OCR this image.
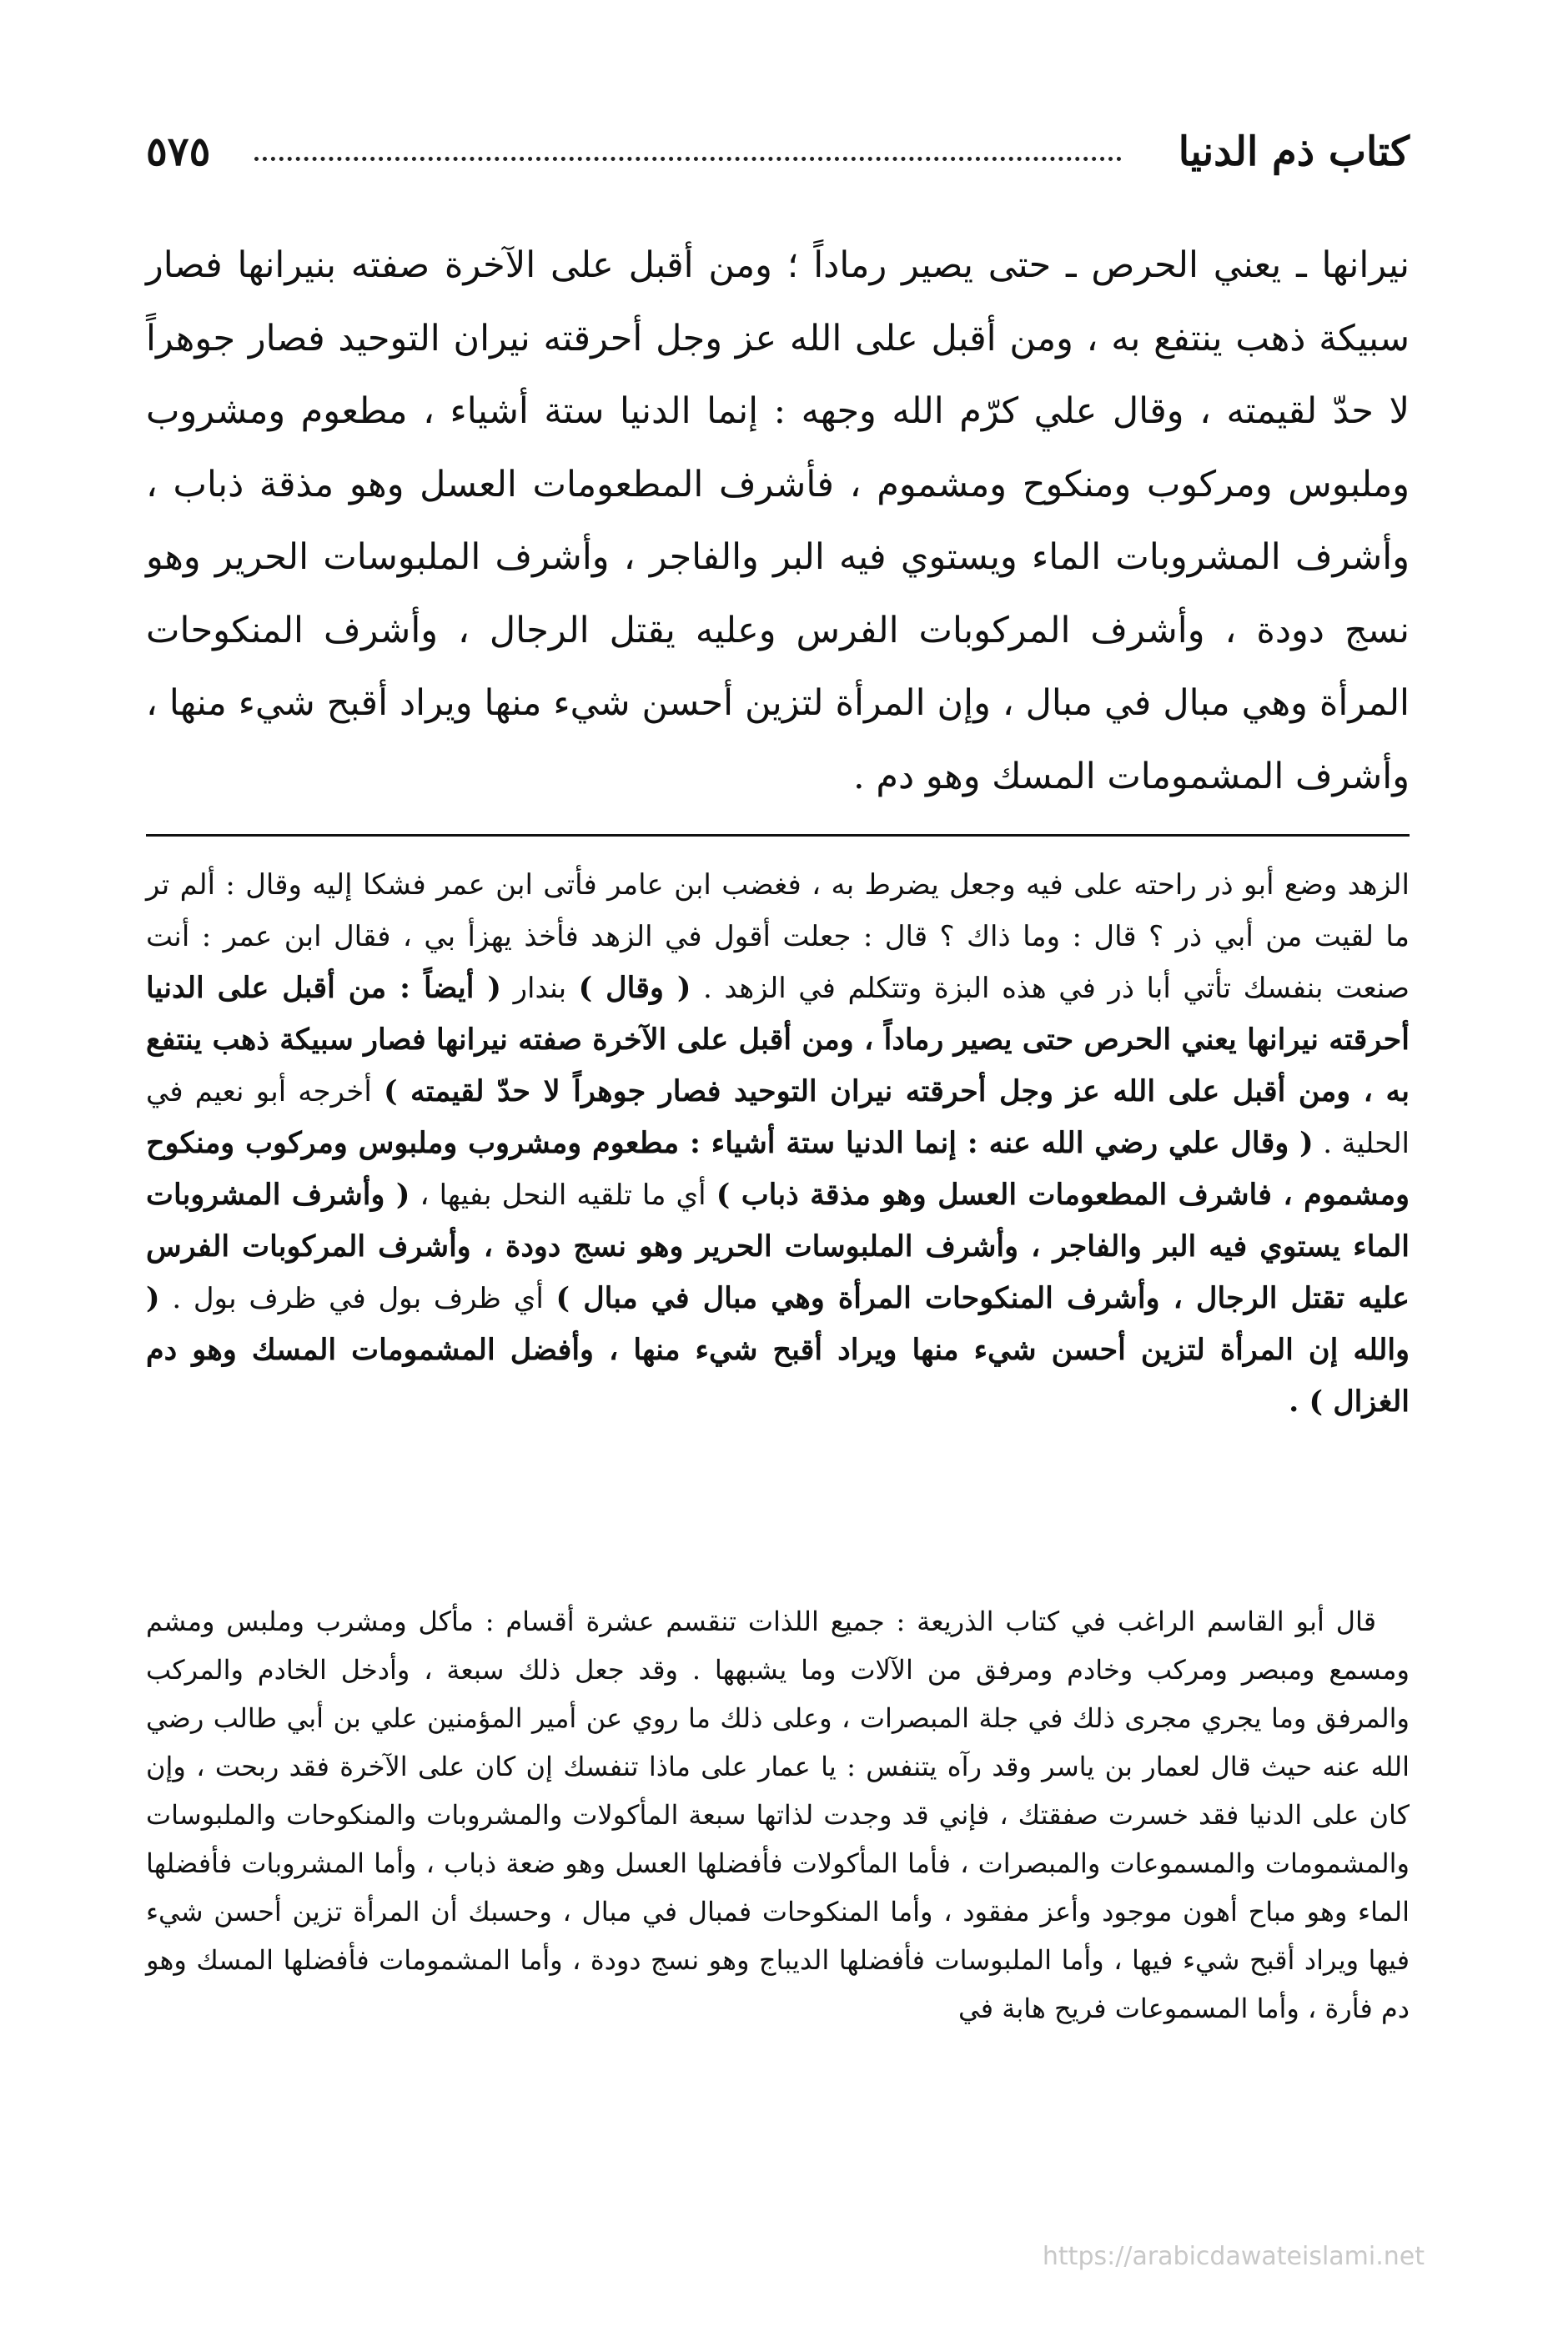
كتاب ذم الدنيا
٥٧٥
نيرانها ـ يعني الحرص ـ حتى يصير رماداً ؛ ومن أقبل على الآخرة صفته بنيرانها فصار سبيكة ذهب ينتفع به ، ومن أقبل على الله عز وجل أحرقته نيران التوحيد فصار جوهراً لا حدّ لقيمته ، وقال علي كرّم الله وجهه : إنما الدنيا ستة أشياء ، مطعوم ومشروب وملبوس ومركوب ومنكوح ومشموم ، فأشرف المطعومات العسل وهو مذقة ذباب ، وأشرف المشروبات الماء ويستوي فيه البر والفاجر ، وأشرف الملبوسات الحرير وهو نسج دودة ، وأشرف المركوبات الفرس وعليه يقتل الرجال ، وأشرف المنكوحات المرأة وهي مبال في مبال ، وإن المرأة لتزين أحسن شيء منها ويراد أقبح شيء منها ، وأشرف المشمومات المسك وهو دم .

الزهد وضع أبو ذر راحته على فيه وجعل يضرط به ، فغضب ابن عامر فأتى ابن عمر فشكا إليه وقال : ألم تر ما لقيت من أبي ذر ؟ قال : وما ذاك ؟ قال : جعلت أقول في الزهد فأخذ يهزأ بي ، فقال ابن عمر : أنت صنعت بنفسك تأتي أبا ذر في هذه البزة وتتكلم في الزهد . ( وقال ) بندار ( أيضاً : من أقبل على الدنيا أحرقته نيرانها يعني الحرص حتى يصير رماداً ، ومن أقبل على الآخرة صفته نيرانها فصار سبيكة ذهب ينتفع به ، ومن أقبل على الله عز وجل أحرقته نيران التوحيد فصار جوهراً لا حدّ لقيمته ) أخرجه أبو نعيم في الحلية . ( وقال علي رضي الله عنه : إنما الدنيا ستة أشياء : مطعوم ومشروب وملبوس ومركوب ومنكوح ومشموم ، فاشرف المطعومات العسل وهو مذقة ذباب ) أي ما تلقيه النحل بفيها ، ( وأشرف المشروبات الماء يستوي فيه البر والفاجر ، وأشرف الملبوسات الحرير وهو نسج دودة ، وأشرف المركوبات الفرس عليه تقتل الرجال ، وأشرف المنكوحات المرأة وهي مبال في مبال ) أي ظرف بول في ظرف بول . ( والله إن المرأة لتزين أحسن شيء منها ويراد أقبح شيء منها ، وأفضل المشمومات المسك وهو دم الغزال ) .

قال أبو القاسم الراغب في كتاب الذريعة : جميع اللذات تنقسم عشرة أقسام : مأكل ومشرب وملبس ومشم ومسمع ومبصر ومركب وخادم ومرفق من الآلات وما يشبهها . وقد جعل ذلك سبعة ، وأدخل الخادم والمركب والمرفق وما يجري مجرى ذلك في جلة المبصرات ، وعلى ذلك ما روي عن أمير المؤمنين علي بن أبي طالب رضي الله عنه حيث قال لعمار بن ياسر وقد رآه يتنفس : يا عمار على ماذا تنفسك إن كان على الآخرة فقد ربحت ، وإن كان على الدنيا فقد خسرت صفقتك ، فإني قد وجدت لذاتها سبعة المأكولات والمشروبات والمنكوحات والملبوسات والمشمومات والمسموعات والمبصرات ، فأما المأكولات فأفضلها العسل وهو ضعة ذباب ، وأما المشروبات فأفضلها الماء وهو مباح أهون موجود وأعز مفقود ، وأما المنكوحات فمبال في مبال ، وحسبك أن المرأة تزين أحسن شيء فيها ويراد أقبح شيء فيها ، وأما الملبوسات فأفضلها الديباج وهو نسج دودة ، وأما المشمومات فأفضلها المسك وهو دم فأرة ، وأما المسموعات فريح هابة في
https://arabicdawateislami.net
